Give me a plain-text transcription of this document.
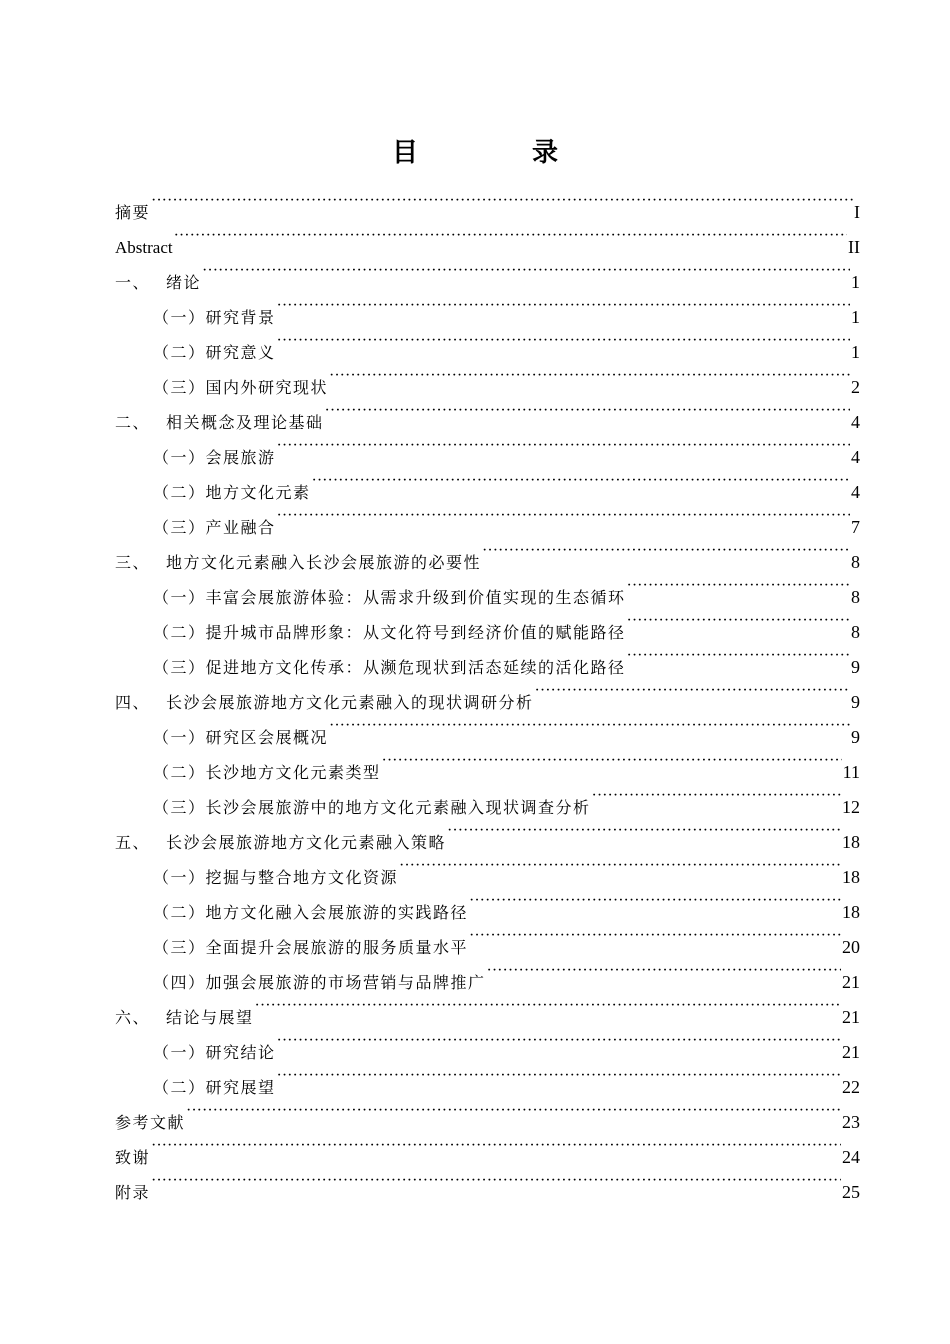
目　录
摘要 ·····	I
Abstract ·····	II
一、 绪论 ·····	1
（一）研究背景 ·····	1
（二）研究意义 ·····	1
（三）国内外研究现状 ·····	2
二、 相关概念及理论基础 ·····	4
（一）会展旅游 ·····	4
（二）地方文化元素 ·····	4
（三）产业融合 ·····	7
三、 地方文化元素融入长沙会展旅游的必要性 ·····	8
（一）丰富会展旅游体验：从需求升级到价值实现的生态循环 ·····	8
（二）提升城市品牌形象：从文化符号到经济价值的赋能路径 ·····	8
（三）促进地方文化传承：从濒危现状到活态延续的活化路径 ·····	9
四、 长沙会展旅游地方文化元素融入的现状调研分析 ·····	9
（一）研究区会展概况 ·····	9
（二）长沙地方文化元素类型 ·····	11
（三）长沙会展旅游中的地方文化元素融入现状调查分析 ·····	12
五、 长沙会展旅游地方文化元素融入策略 ·····	18
（一）挖掘与整合地方文化资源 ·····	18
（二）地方文化融入会展旅游的实践路径 ·····	18
（三）全面提升会展旅游的服务质量水平 ·····	20
（四）加强会展旅游的市场营销与品牌推广 ·····	21
六、 结论与展望 ·····	21
（一）研究结论 ·····	21
（二）研究展望 ·····	22
参考文献 ·····	23
致谢 ·····	24
附录 ·····	25
